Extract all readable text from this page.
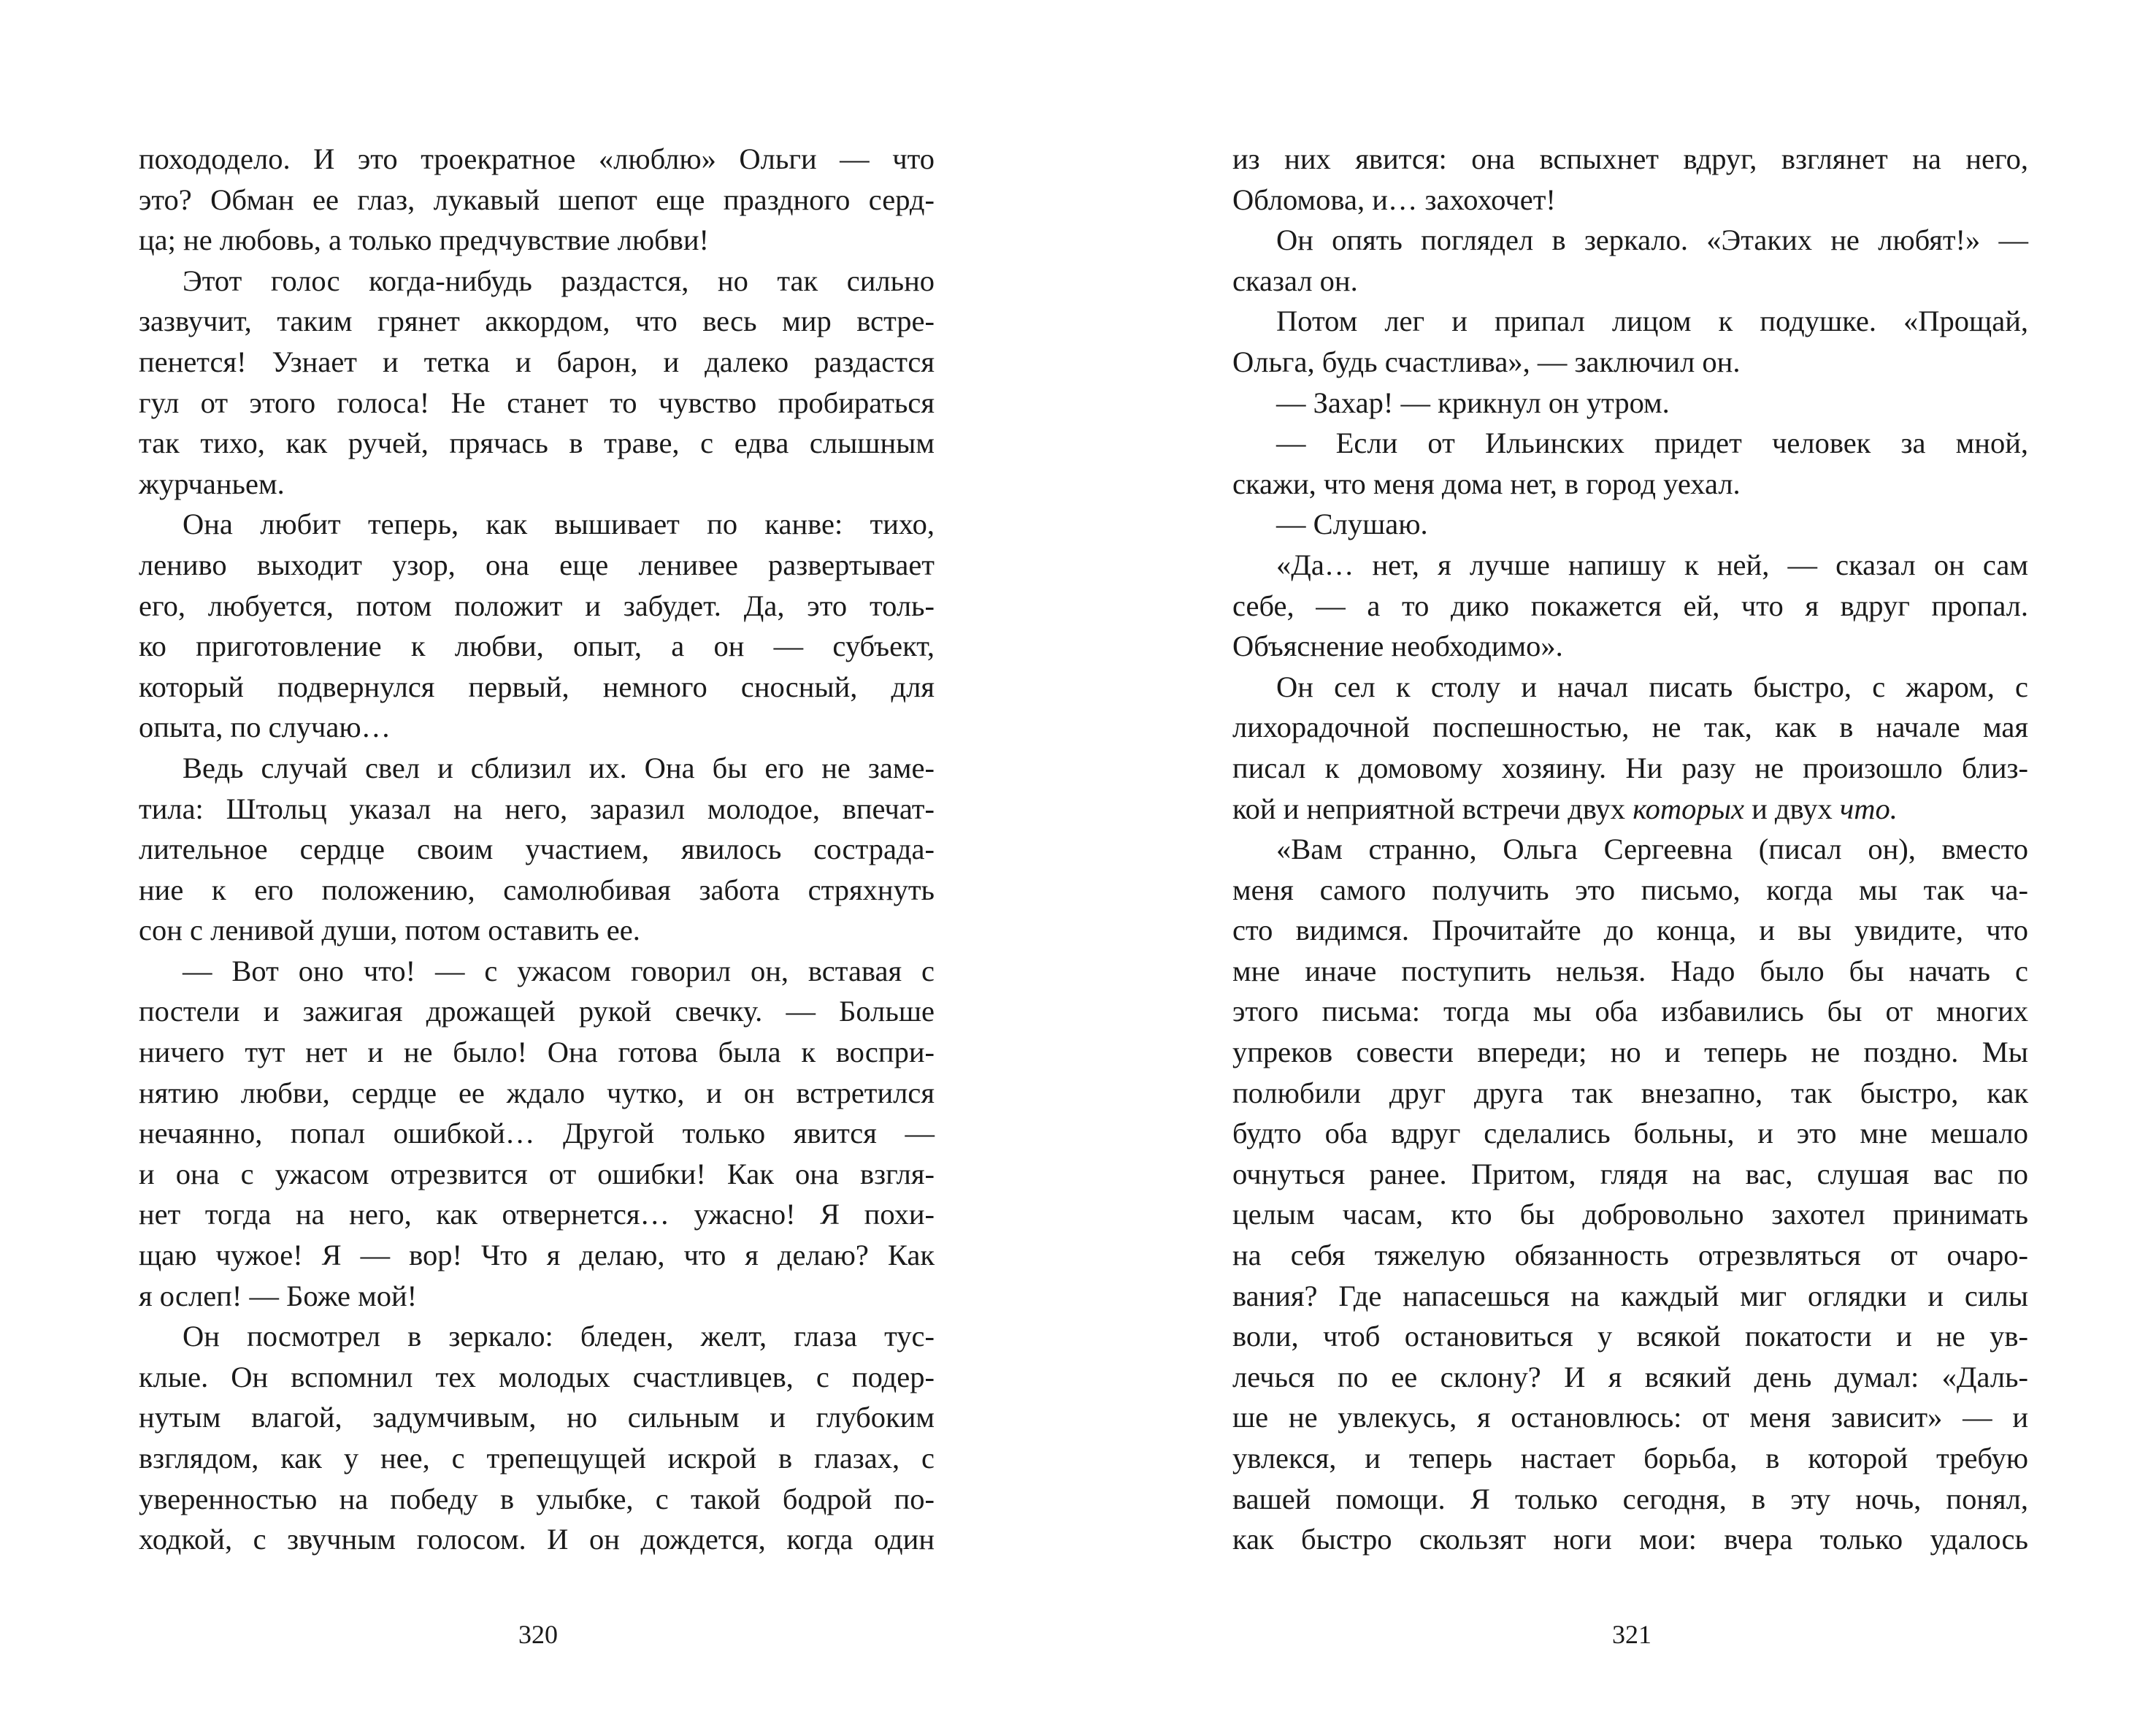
похододелo. И это троекратное «люблю» Ольги — что
это? Обман ее глаз, лукавый шепот еще праздного серд-
ца; не любовь, а только предчувствие любви!
Этот голос когда-нибудь раздастся, но так сильно
зазвучит, таким грянет аккордом, что весь мир встре-
пенется! Узнает и тетка и барон, и далеко раздастся
гул от этого голоса! Не станет то чувство пробираться
так тихо, как ручей, прячась в траве, с едва слышным
журчаньем.
Она любит теперь, как вышивает по канве: тихо,
лениво выходит узор, она еще ленивее развертывает
его, любуется, потом положит и забудет. Да, это толь-
ко приготовление к любви, опыт, а он — субъект,
который подвернулся первый, немного сносный, для
опыта, по случаю…
Ведь случай свел и сблизил их. Она бы его не заме-
тила: Штольц указал на него, заразил молодое, впечат-
лительное сердце своим участием, явилось сострада-
ние к его положению, самолюбивая забота стряхнуть
сон с ленивой души, потом оставить ее.
— Вот оно что! — с ужасом говорил он, вставая с
постели и зажигая дрожащей рукой свечку. — Больше
ничего тут нет и не было! Она готова была к воспри-
нятию любви, сердце ее ждало чутко, и он встретился
нечаянно, попал ошибкой… Другой только явится —
и она с ужасом отрезвится от ошибки! Как она взгля-
нет тогда на него, как отвернется… ужасно! Я похи-
щаю чужое! Я — вор! Что я делаю, что я делаю? Как
я ослеп! — Боже мой!
Он посмотрел в зеркало: бледен, желт, глаза тус-
клые. Он вспомнил тех молодых счастливцев, с подер-
нутым влагой, задумчивым, но сильным и глубоким
взглядом, как у нее, с трепещущей искрой в глазах, с
уверенностью на победу в улыбке, с такой бодрой по-
ходкой, с звучным голосом. И он дождется, когда один
320
из них явится: она вспыхнет вдруг, взглянет на него,
Обломова, и… захохочет!
Он опять поглядел в зеркало. «Этаких не любят!» —
сказал он.
Потом лег и припал лицом к подушке. «Прощай,
Ольга, будь счастлива», — заключил он.
— Захар! — крикнул он утром.
— Если от Ильинских придет человек за мной,
скажи, что меня дома нет, в город уехал.
— Слушаю.
«Да… нет, я лучше напишу к ней, — сказал он сам
себе, — а то дико покажется ей, что я вдруг пропал.
Объяснение необходимо».
Он сел к столу и начал писать быстро, с жаром, с
лихорадочной поспешностью, не так, как в начале мая
писал к домовому хозяину. Ни разу не произошло близ-
кой и неприятной встречи двух которых и двух что.
«Вам странно, Ольга Сергеевна (писал он), вместо
меня самого получить это письмо, когда мы так ча-
сто видимся. Прочитайте до конца, и вы увидите, что
мне иначе поступить нельзя. Надо было бы начать с
этого письма: тогда мы оба избавились бы от многих
упреков совести впереди; но и теперь не поздно. Мы
полюбили друг друга так внезапно, так быстро, как
будто оба вдруг сделались больны, и это мне мешало
очнуться ранее. Притом, глядя на вас, слушая вас по
целым часам, кто бы добровольно захотел принимать
на себя тяжелую обязанность отрезвляться от очаро-
вания? Где напасешься на каждый миг оглядки и силы
воли, чтоб остановиться у всякой покатости и не ув-
лечься по ее склону? И я всякий день думал: «Даль-
ше не увлекусь, я остановлюсь: от меня зависит» — и
увлекся, и теперь настает борьба, в которой требую
вашей помощи. Я только сегодня, в эту ночь, понял,
как быстро скользят ноги мои: вчера только удалось
321
